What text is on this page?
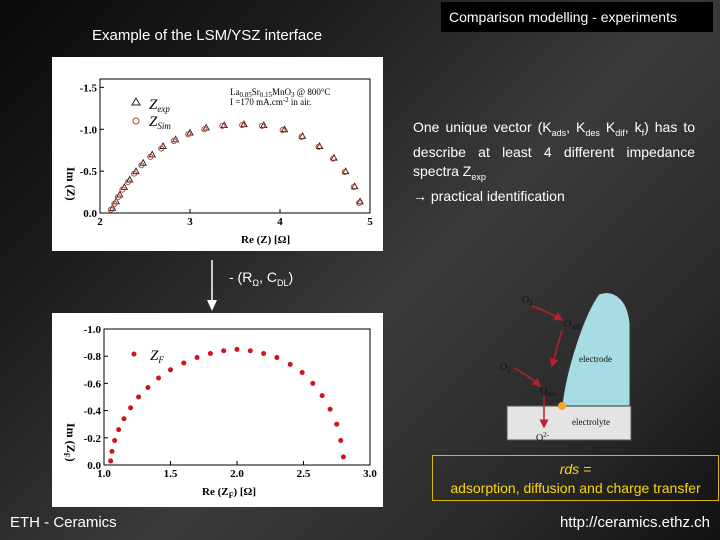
Comparison modelling - experiments
Example of the LSM/YSZ interface
2	3	4	5
-1.5
-1.0
-0.5
0.0
$La_{0.85}Sr_{0.15}MnO_3$ @ 800°C
I =170 $mA.cm^{-2}$ in air.
$Z_{exp}$
$Z_{Sim}$
Re (Z) [Ω]
Im (Z)
- ($R_\Omega$, $C_{DL}$)
1.0	1.5	2.0	2.5	3.0
-1.0
-0.8
-0.6
-0.4
-0.2
0.0
$Z_F$
Re $(Z_F)$ [Ω]
Im $(Z_F)$
One unique vector ($K_{ads}$, $K_{des}$ $K_{dif}$, $k_f$) has to describe at least 4 different impedance spectra $Z_{exp}$
→ practical identification
$O_2$
$O_{ads}$
electrode
$O_2$
$O_{ads}$
electrolyte
$O^{2-}$
rds =
adsorption, diffusion and charge transfer
ETH - Ceramics	http://ceramics.ethz.ch
